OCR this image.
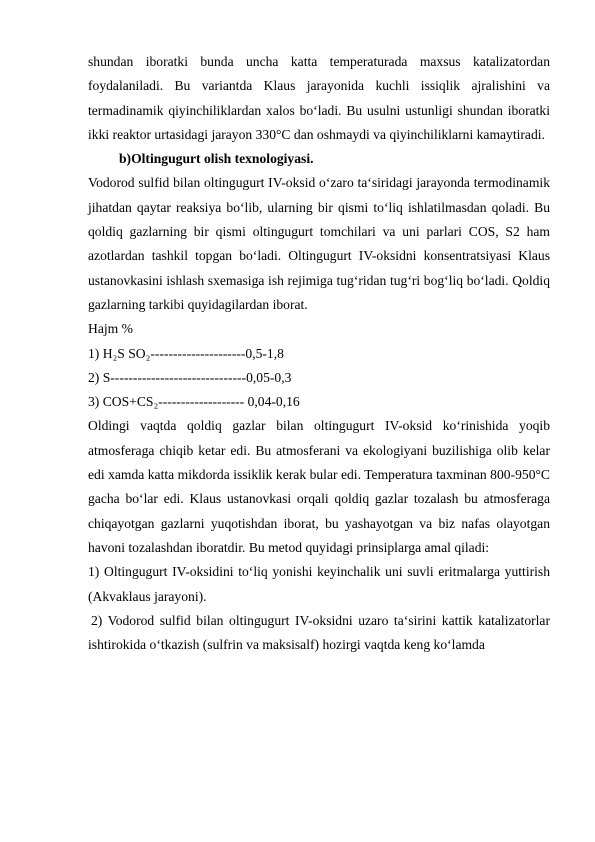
shundan iboratki bunda uncha katta temperaturada maxsus katalizatordan foydalaniladi. Bu variantda Klaus jarayonida kuchli issiqlik ajralishini va termadinamik qiyinchiliklardan xalos bo‘ladi. Bu usulni ustunligi shundan iboratki ikki reaktor urtasidagi jarayon 330°C dan oshmaydi va qiyinchiliklarni kamaytiradi.

b)Oltingugurt olish texnologiyasi.

Vodorod sulfid bilan oltingugurt IV-oksid o‘zaro ta‘siridagi jarayonda termodinamik jihatdan qaytar reaksiya bo‘lib, ularning bir qismi to‘liq ishlatilmasdan qoladi. Bu qoldiq gazlarning bir qismi oltingugurt tomchilari va uni parlari COS, S2 ham azotlardan tashkil topgan bo‘ladi. Oltingugurt IV-oksidni konsentratsiyasi Klaus ustanovkasini ishlash sxemasiga ish rejimiga tug‘ridan tug‘ri bog‘liq bo‘ladi. Qoldiq gazlarning tarkibi quyidagilardan iborat.

Hajm %

1) H₂S SO₂---------------------0,5-1,8

2) S------------------------------0,05-0,3

3) COS+CS₂------------------- 0,04-0,16

Oldingi vaqtda qoldiq gazlar bilan oltingugurt IV-oksid ko‘rinishida yoqib atmosferaga chiqib ketar edi. Bu atmosferani va ekologiyani buzilishiga olib kelar edi xamda katta mikdorda issiklik kerak bular edi. Temperatura taxminan 800-950°C gacha bo‘lar edi. Klaus ustanovkasi orqali qoldiq gazlar tozalash bu atmosferaga chiqayotgan gazlarni yuqotishdan iborat, bu yashayotgan va biz nafas olayotgan havoni tozalashdan iboratdir. Bu metod quyidagi prinsiplarga amal qiladi:

1) Oltingugurt IV-oksidini to‘liq yonishi keyinchalik uni suvli eritmalarga yuttirish (Akvaklaus jarayoni).

2) Vodorod sulfid bilan oltingugurt IV-oksidni uzaro ta‘sirini kattik katalizatorlar ishtirokida o‘tkazish (sulfrin va maksisalf) hozirgi vaqtda keng ko‘lamda
